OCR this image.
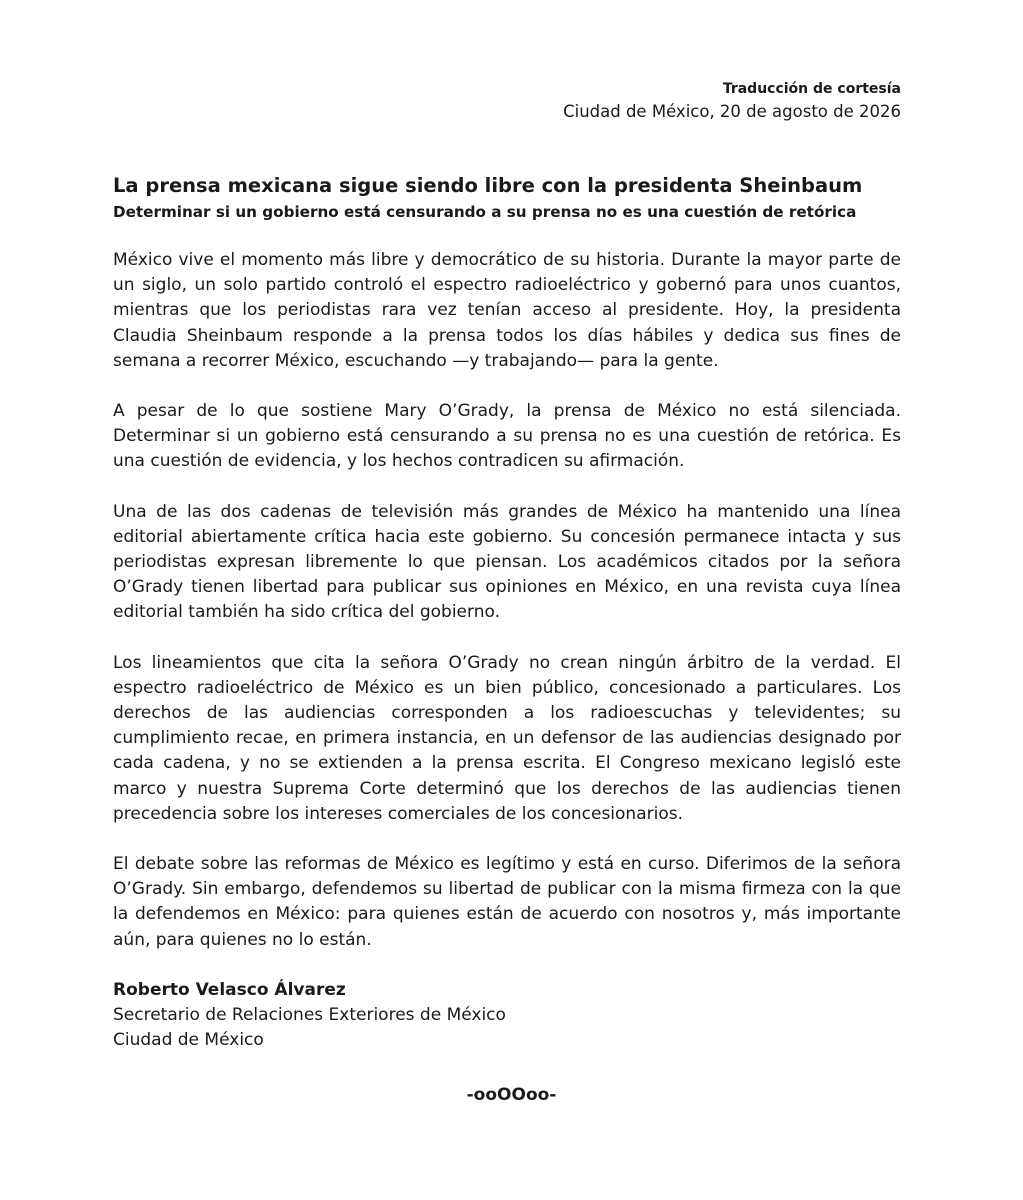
Traducción de cortesía
Ciudad de México, 20 de agosto de 2026
La prensa mexicana sigue siendo libre con la presidenta Sheinbaum
Determinar si un gobierno está censurando a su prensa no es una cuestión de retórica

México vive el momento más libre y democrático de su historia. Durante la mayor parte de un siglo, un solo partido controló el espectro radioeléctrico y gobernó para unos cuantos, mientras que los periodistas rara vez tenían acceso al presidente. Hoy, la presidenta Claudia Sheinbaum responde a la prensa todos los días hábiles y dedica sus fines de semana a recorrer México, escuchando —y trabajando— para la gente.

A pesar de lo que sostiene Mary O’Grady, la prensa de México no está silenciada. Determinar si un gobierno está censurando a su prensa no es una cuestión de retórica. Es una cuestión de evidencia, y los hechos contradicen su afirmación.

Una de las dos cadenas de televisión más grandes de México ha mantenido una línea editorial abiertamente crítica hacia este gobierno. Su concesión permanece intacta y sus periodistas expresan libremente lo que piensan. Los académicos citados por la señora O’Grady tienen libertad para publicar sus opiniones en México, en una revista cuya línea editorial también ha sido crítica del gobierno.

Los lineamientos que cita la señora O’Grady no crean ningún árbitro de la verdad. El espectro radioeléctrico de México es un bien público, concesionado a particulares. Los derechos de las audiencias corresponden a los radioescuchas y televidentes; su cumplimiento recae, en primera instancia, en un defensor de las audiencias designado por cada cadena, y no se extienden a la prensa escrita. El Congreso mexicano legisló este marco y nuestra Suprema Corte determinó que los derechos de las audiencias tienen precedencia sobre los intereses comerciales de los concesionarios.

El debate sobre las reformas de México es legítimo y está en curso. Diferimos de la señora O’Grady. Sin embargo, defendemos su libertad de publicar con la misma firmeza con la que la defendemos en México: para quienes están de acuerdo con nosotros y, más importante aún, para quienes no lo están.

Roberto Velasco Álvarez
Secretario de Relaciones Exteriores de México
Ciudad de México
-ooOOoo-
